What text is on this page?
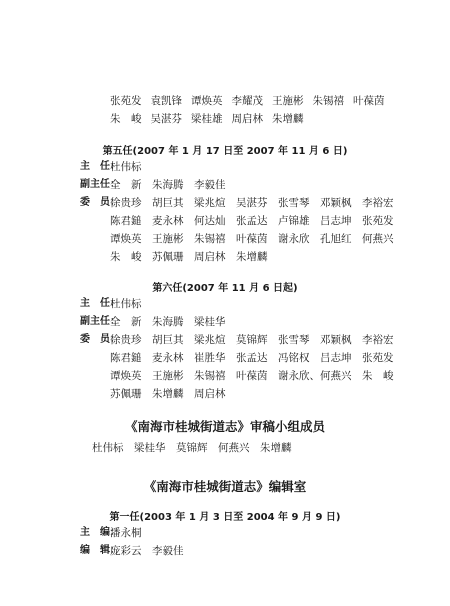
张苑发 袁凯锋 谭焕英 李耀茂 王施彬 朱锡禧 叶葆茵
朱　峻 吴湛芬 梁桂雄 周启林 朱增麟
第五任(2007 年 1 月 17 日至 2007 年 11 月 6 日)
主　任：
杜伟标
副主任：
全　新　朱海腾　李毅佳
委　员：
徐贵珍　胡巨其　梁兆煊　吴湛芬　张雪琴　邓颖枫　李裕宏
陈君鎚　麦永林　何达灿　张孟达　卢锦雄　吕志坤　张苑发
谭焕英　王施彬　朱锡禧　叶葆茵　谢永欣　孔旭红　何燕兴
朱　峻　苏佩珊　周启林　朱增麟
第六任(2007 年 11 月 6 日起)
主　任：
杜伟标
副主任：
全　新　朱海腾　梁桂华
委　员：
徐贵珍　胡巨其　梁兆煊　莫锦辉　张雪琴　邓颖枫　李裕宏
陈君鎚　麦永林　崔胜华　张孟达　冯铭权　吕志坤　张苑发
谭焕英　王施彬　朱锡禧　叶葆茵　谢永欣、何燕兴　朱　峻
苏佩珊　朱增麟　周启林
《南海市桂城街道志》审稿小组成员
杜伟标　梁桂华　莫锦辉　何燕兴　朱增麟
《南海市桂城街道志》编辑室
第一任(2003 年 1 月 3 日至 2004 年 9 月 9 日)
主　编：
潘永桐
编　辑：
庞彩云　李毅佳
